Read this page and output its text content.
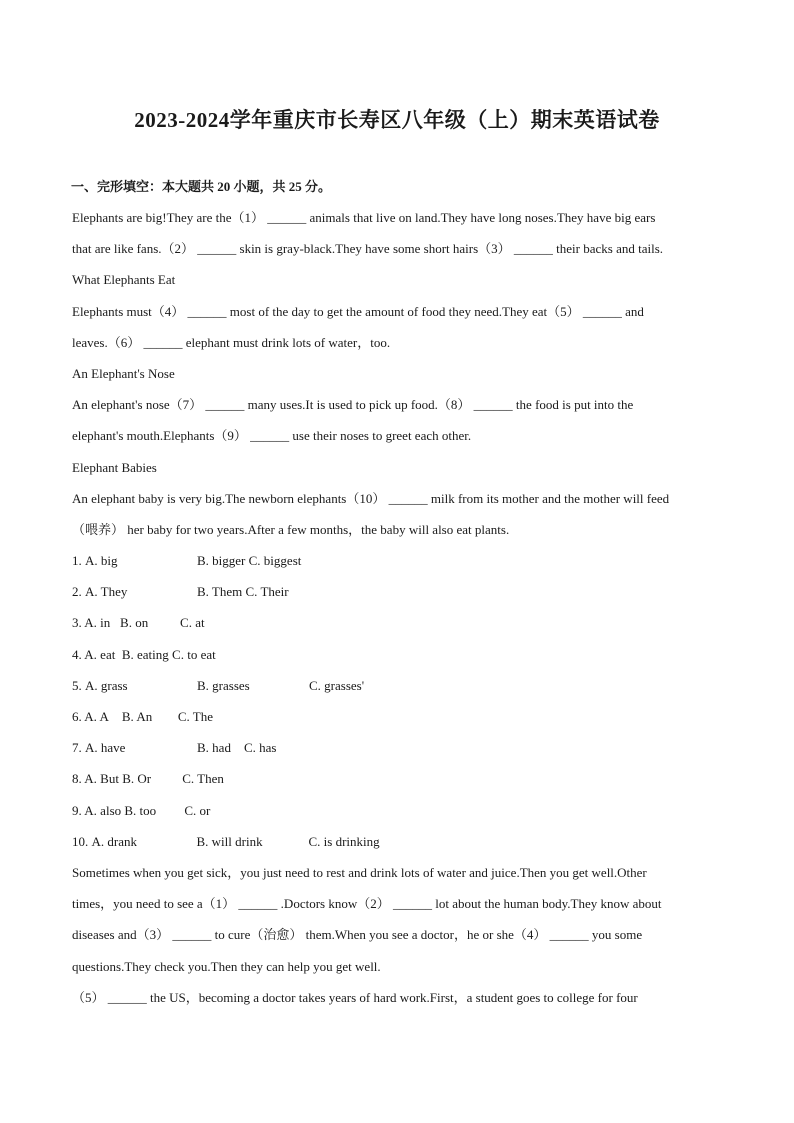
2023-2024学年重庆市长寿区八年级（上）期末英语试卷
一、完形填空：本大题共 20 小题，共 25 分。
Elephants are big!They are the（1） ______ animals that live on land.They have long noses.They have big ears
that are like fans.（2） ______ skin is gray-black.They have some short hairs（3） ______ their backs and tails.
What Elephants Eat
Elephants must（4） ______ most of the day to get the amount of food they need.They eat（5） ______ and
leaves.（6） ______ elephant must drink lots of water，too.
An Elephant's Nose
An elephant's nose（7） ______ many uses.It is used to pick up food.（8） ______ the food is put into the
elephant's mouth.Elephants（9） ______ use their noses to greet each other.
Elephant Babies
An elephant baby is very big.The newborn elephants（10） ______ milk from its mother and the mother will feed
（喂养） her baby for two years.After a few months，the baby will also eat plants.
1. A. big	B. bigger C. biggest
2. A. They	B. Them C. Their
3. A. in B. on C. at
4. A. eat B. eating C. to eat
5. A. grass	B. grasses	C. grasses'
6. A. A B. An C. The
7. A. have	B. had C. has
8. A. But B. Or C. Then
9. A. also B. too C. or
10. A. drank	B. will drink	C. is drinking
Sometimes when you get sick，you just need to rest and drink lots of water and juice.Then you get well.Other
times，you need to see a（1） ______ .Doctors know（2） ______ lot about the human body.They know about
diseases and（3） ______ to cure（治愈） them.When you see a doctor，he or she（4） ______ you some
questions.They check you.Then they can help you get well.
（5） ______ the US，becoming a doctor takes years of hard work.First，a student goes to college for four
